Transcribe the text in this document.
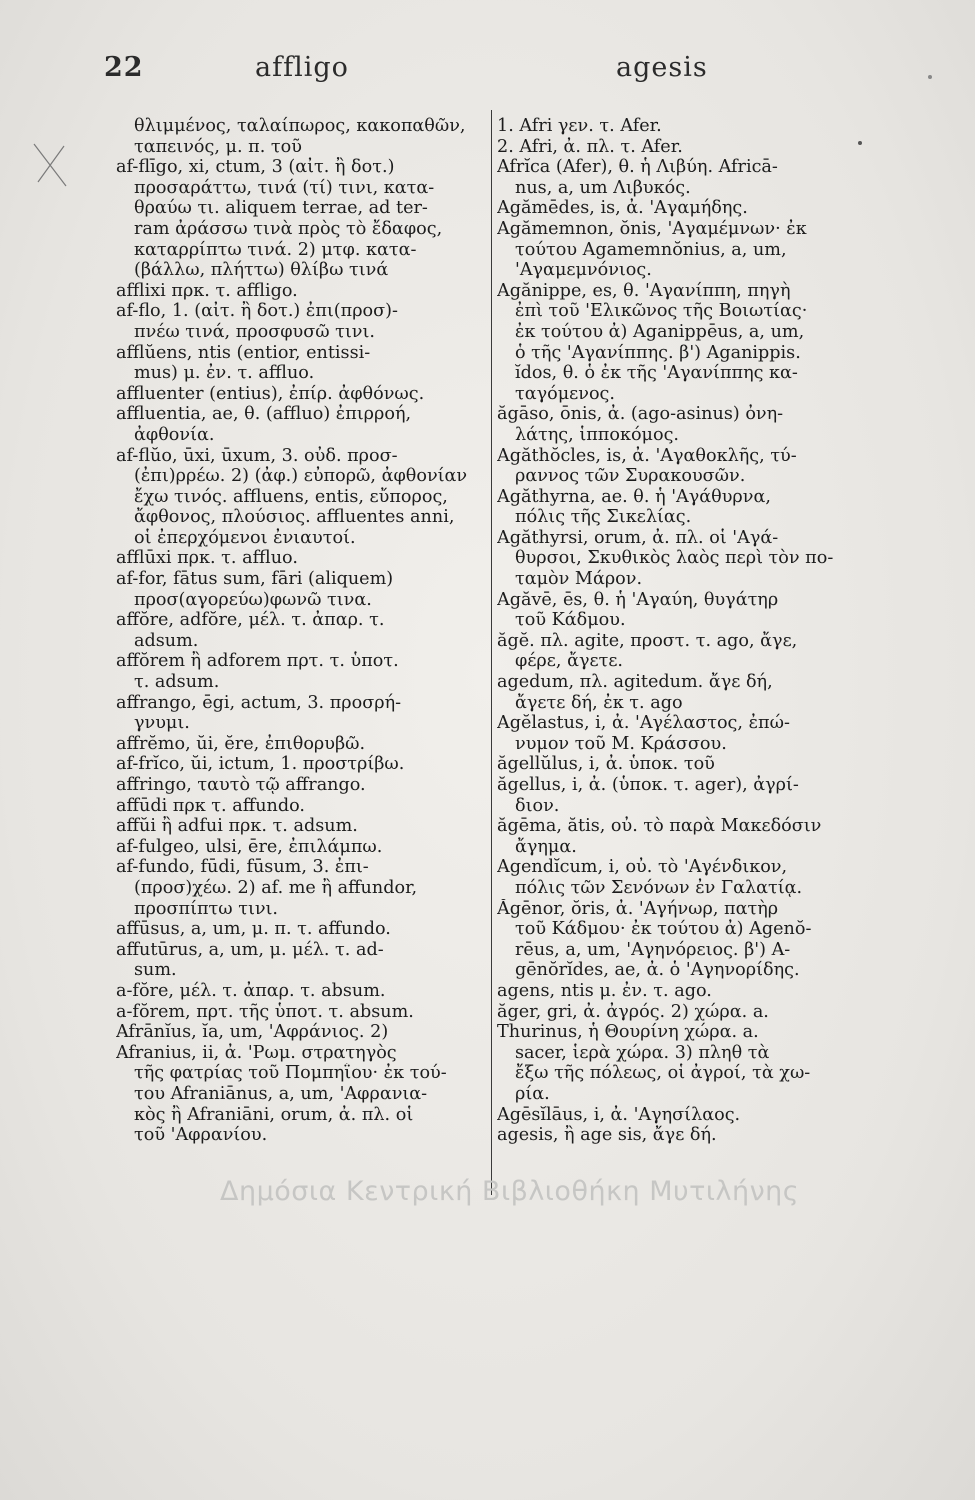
22	affligo	agesis
θλιμμένος, ταλαίπωρος, κακοπαθῶν,
ταπεινός, μ. π. τοῦ
af-flīgo, xi, ctum, 3 (αἰτ. ἢ δοτ.)
προσαράττω, τινά (τί) τινι, κατα-
θραύω τι. aliquem terrae, ad ter-
ram ἀράσσω τινὰ πρὸς τὸ ἔδαφος,
καταρρίπτω τινά. 2) μτφ. κατα-
(βάλλω, πλήττω) θλίβω τινά
afflixi πρκ. τ. affligo.
af-flo, 1. (αἰτ. ἢ δοτ.) ἐπι(προσ)-
πνέω τινά, προσφυσῶ τινι.
afflŭens, ntis (entior, entissi-
mus) μ. ἐν. τ. affluo.
affluenter (entius), ἐπίρ. ἀφθόνως.
affluentia, ae, θ. (affluo) ἐπιρροή,
ἀφθονία.
af-flŭo, ūxi, ūxum, 3. οὐδ. προσ-
(ἐπι)ρρέω. 2) (ἀφ.) εὐπορῶ, ἀφθονίαν
ἔχω τινός. affluens, entis, εὔπορος,
ἄφθονος, πλούσιος. affluentes anni,
οἱ ἐπερχόμενοι ἐνιαυτοί.
afflūxi πρκ. τ. affluo.
af-for, fātus sum, fāri (aliquem)
προσ(αγορεύω)φωνῶ τινα.
affŏre, adfŏre, μέλ. τ. ἀπαρ. τ.
adsum.
affŏrem ἢ adforem πρτ. τ. ὑποτ.
τ. adsum.
affrango, ēgi, actum, 3. προσρή-
γνυμι.
affrĕmo, ŭi, ĕre, ἐπιθορυβῶ.
af-frĭco, ŭi, ictum, 1. προστρίβω.
affringo, ταυτὸ τῷ affrango.
affūdi πρκ τ. affundo.
affŭi ἢ adfui πρκ. τ. adsum.
af-fulgeo, ulsi, ēre, ἐπιλάμπω.
af-fundo, fūdi, fūsum, 3. ἐπι-
(προσ)χέω. 2) af. me ἢ affundor,
προσπίπτω τινι.
affūsus, a, um, μ. π. τ. affundo.
affutūrus, a, um, μ. μέλ. τ. ad-
sum.
a-fŏre, μέλ. τ. ἀπαρ. τ. absum.
a-fŏrem, πρτ. τῆς ὑποτ. τ. absum.
Afrānĭus, ĭa, um, 'Αφράνιος. 2)
Afranius, ii, ἀ. 'Ρωμ. στρατηγὸς
τῆς φατρίας τοῦ Πομπηΐου· ἐκ τού-
του Afraniānus, a, um, 'Αφρανια-
κὸς ἢ Afraniāni, orum, ἀ. πλ. οἱ
τοῦ 'Αφρανίου.
1. Afri γεν. τ. Afer.
2. Afri, ἀ. πλ. τ. Afer.
Afrĭca (Afer), θ. ἡ Λιβύη. Africā-
nus, a, um Λιβυκός.
Agămēdes, is, ἀ. 'Αγαμήδης.
Agămemnon, ŏnis, 'Αγαμέμνων· ἐκ
τούτου Agamemnŏnius, a, um,
'Αγαμεμνόνιος.
Agănippe, es, θ. 'Αγανίππη, πηγὴ
ἐπὶ τοῦ 'Ελικῶνος τῆς Βοιωτίας·
ἐκ τούτου ἀ) Aganippēus, a, um,
ὁ τῆς 'Αγανίππης. β') Aganippis.
ĭdos, θ. ὁ ἐκ τῆς 'Αγανίππης κα-
ταγόμενος.
ăgāso, ōnis, ἀ. (ago-asinus) ὀνη-
λάτης, ἱπποκόμος.
Agăthŏcles, is, ἀ. 'Αγαθοκλῆς, τύ-
ραννος τῶν Συρακουσῶν.
Agăthyrna, ae. θ. ἡ 'Αγάθυρνα,
πόλις τῆς Σικελίας.
Agăthyrsi, orum, ἀ. πλ. οἱ 'Αγά-
θυρσοι, Σκυθικὸς λαὸς περὶ τὸν πο-
ταμὸν Μάρον.
Agăvē, ēs, θ. ἡ 'Αγαύη, θυγάτηρ
τοῦ Κάδμου.
ăgĕ. πλ. agite, προστ. τ. ago, ἄγε,
φέρε, ἄγετε.
agedum, πλ. agitedum. ἄγε δή,
ἄγετε δή, ἐκ τ. ago
Agĕlastus, i, ἀ. 'Αγέλαστος, ἐπώ-
νυμον τοῦ Μ. Κράσσου.
ăgellŭlus, i, ἀ. ὑποκ. τοῦ
ăgellus, i, ἀ. (ὑποκ. τ. ager), ἀγρί-
διον.
ăgēma, ătis, οὐ. τὸ παρὰ Μακεδόσιν
ἄγημα.
Agendĭcum, i, οὐ. τὸ 'Αγένδικον,
πόλις τῶν Σενόνων ἐν Γαλατίᾳ.
Ăgēnor, ŏris, ἀ. 'Αγήνωρ, πατὴρ
τοῦ Κάδμου· ἐκ τούτου ἀ) Agenŏ-
rēus, a, um, 'Αγηνόρειος. β') A-
gēnŏrĭdes, ae, ἀ. ὁ 'Αγηνορίδης.
agens, ntis μ. ἐν. τ. ago.
ăger, gri, ἀ. ἀγρός. 2) χώρα. a.
Thurinus, ἡ Θουρίνη χώρα. a.
sacer, ἱερὰ χώρα. 3) πληθ τὰ
ἔξω τῆς πόλεως, οἱ ἀγροί, τὰ χω-
ρία.
Agēsĭlāus, i, ἀ. 'Αγησίλαος.
agesis, ἢ age sis, ἄγε δή.
Δημόσια Κεντρική Βιβλιοθήκη Μυτιλήνης
